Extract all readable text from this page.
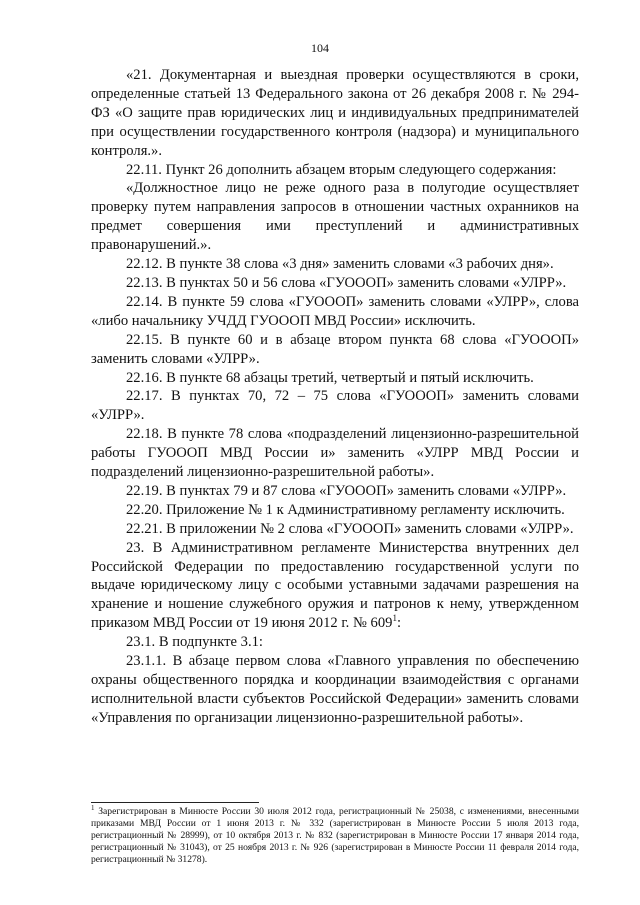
104

«21. Документарная и выездная проверки осуществляются в сроки, определенные статьей 13 Федерального закона от 26 декабря 2008 г. № 294-ФЗ «О защите прав юридических лиц и индивидуальных предпринимателей при осуществлении государственного контроля (надзора) и муниципального контроля.».

22.11. Пункт 26 дополнить абзацем вторым следующего содержания:

«Должностное лицо не реже одного раза в полугодие осуществляет проверку путем направления запросов в отношении частных охранников на предмет совершения ими преступлений и административных правонарушений.».

22.12. В пункте 38 слова «3 дня» заменить словами «3 рабочих дня».

22.13. В пунктах 50 и 56 слова «ГУОООП» заменить словами «УЛРР».

22.14. В пункте 59 слова «ГУОООП» заменить словами «УЛРР», слова «либо начальнику УЧДД ГУОООП МВД России» исключить.

22.15. В пункте 60 и в абзаце втором пункта 68 слова «ГУОООП» заменить словами «УЛРР».

22.16. В пункте 68 абзацы третий, четвертый и пятый исключить.

22.17. В пунктах 70, 72 – 75 слова «ГУОООП» заменить словами «УЛРР».

22.18. В пункте 78 слова «подразделений лицензионно-разрешительной работы ГУОООП МВД России и» заменить «УЛРР МВД России и подразделений лицензионно-разрешительной работы».

22.19. В пунктах 79 и 87 слова «ГУОООП» заменить словами «УЛРР».

22.20. Приложение № 1 к Административному регламенту исключить.

22.21. В приложении № 2 слова «ГУОООП» заменить словами «УЛРР».

23. В Административном регламенте Министерства внутренних дел Российской Федерации по предоставлению государственной услуги по выдаче юридическому лицу с особыми уставными задачами разрешения на хранение и ношение служебного оружия и патронов к нему, утвержденном приказом МВД России от 19 июня 2012 г. № $609^1$:

23.1. В подпункте 3.1:

23.1.1. В абзаце первом слова «Главного управления по обеспечению охраны общественного порядка и координации взаимодействия с органами исполнительной власти субъектов Российской Федерации» заменить словами «Управления по организации лицензионно-разрешительной работы».

$^1$ Зарегистрирован в Минюсте России 30 июля 2012 года, регистрационный № 25038, с изменениями, внесенными приказами МВД России от 1 июня 2013 г. № 332 (зарегистрирован в Минюсте России 5 июля 2013 года, регистрационный № 28999), от 10 октября 2013 г. № 832 (зарегистрирован в Минюсте России 17 января 2014 года, регистрационный № 31043), от 25 ноября 2013 г. № 926 (зарегистрирован в Минюсте России 11 февраля 2014 года, регистрационный № 31278).
